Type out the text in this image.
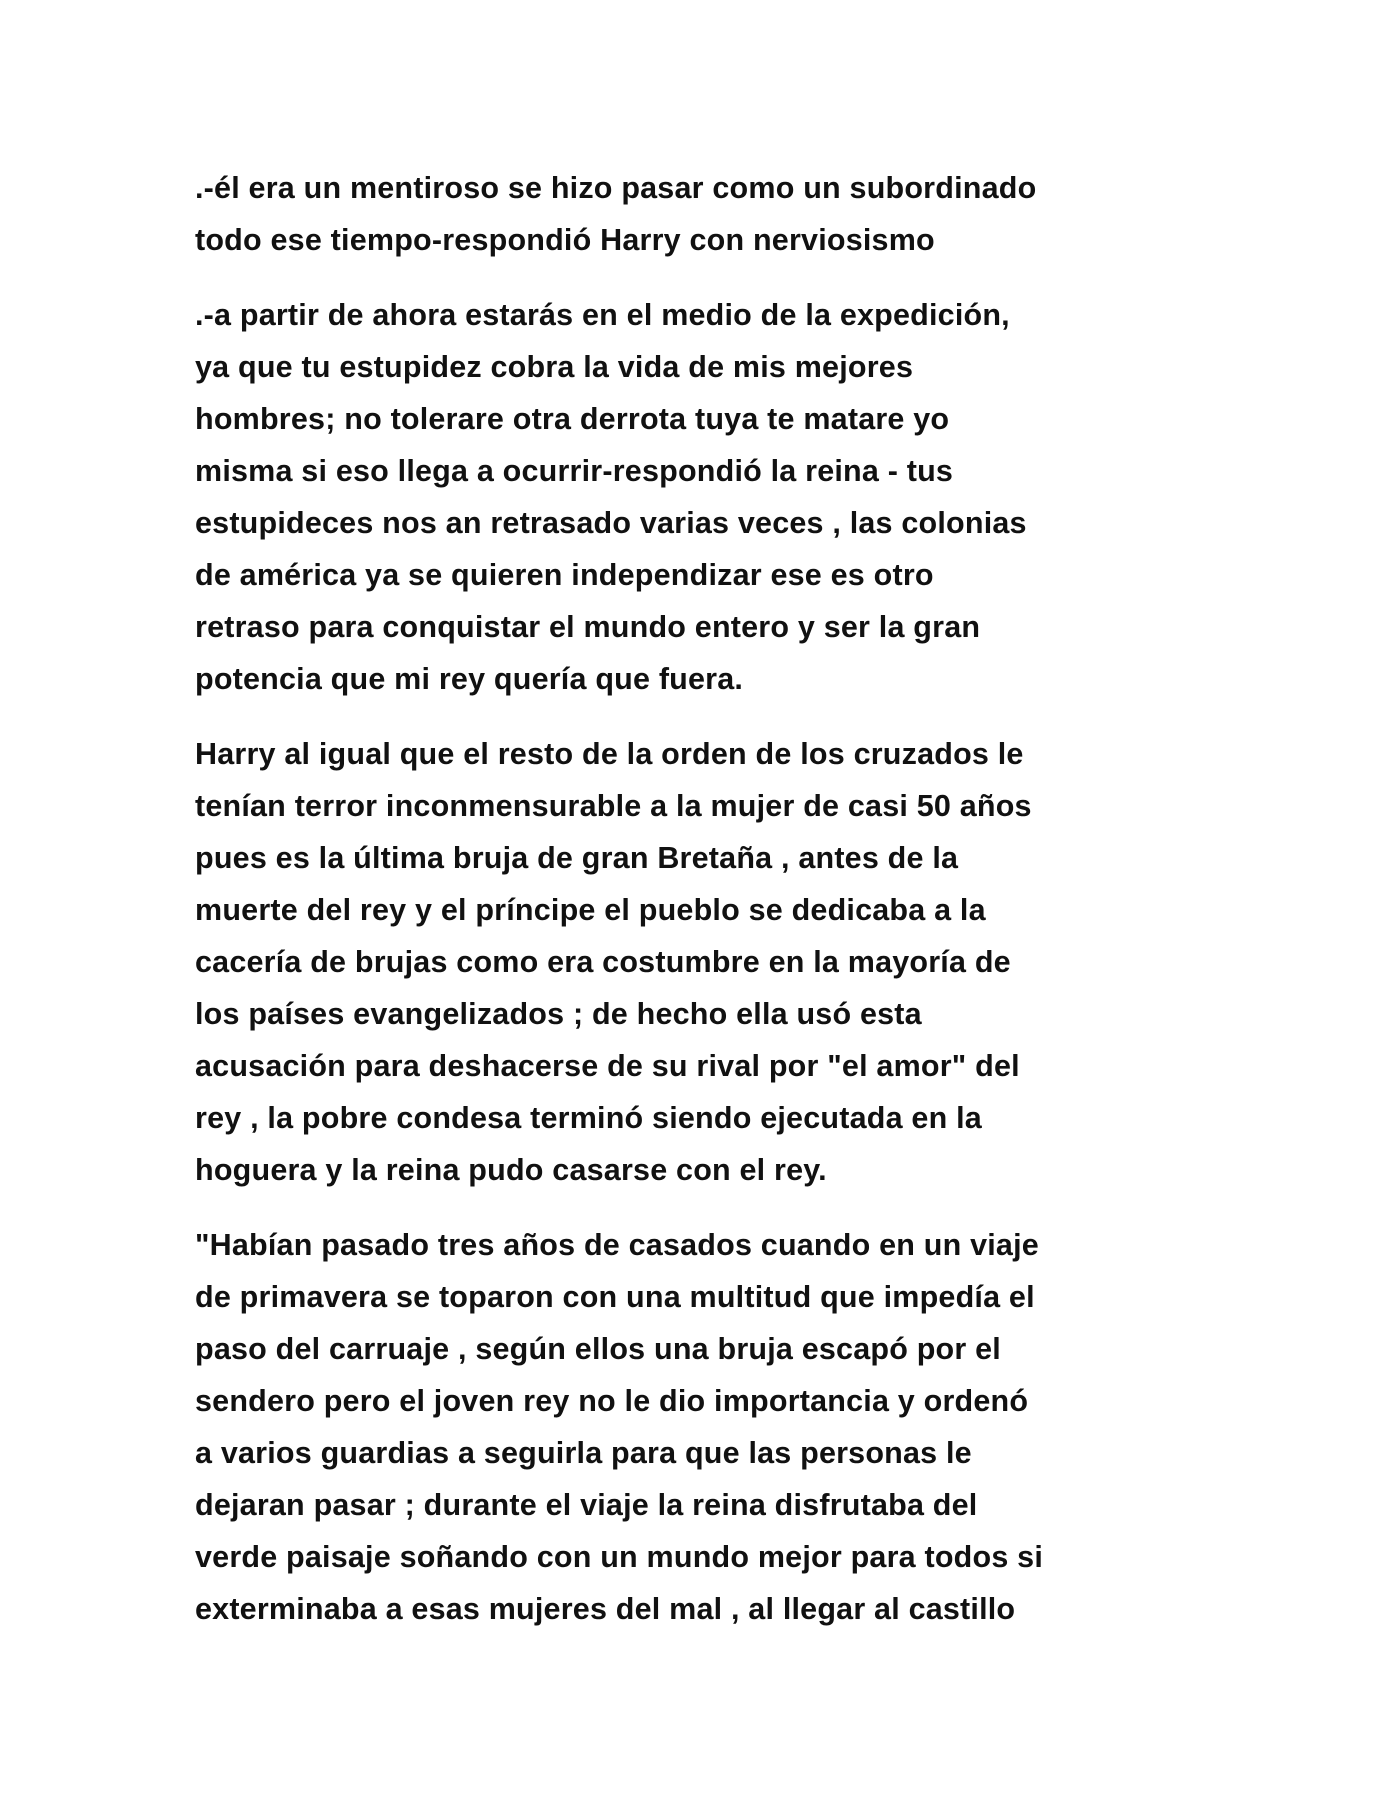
.-él era un mentiroso se hizo pasar como un subordinado
todo ese tiempo-respondió Harry con nerviosismo

.-a partir de ahora estarás en el medio de la expedición,
ya que tu estupidez cobra la vida de mis mejores
hombres; no tolerare otra derrota tuya te matare yo
misma si eso llega a ocurrir-respondió la reina - tus
estupideces nos an retrasado varias veces , las colonias
de américa ya se quieren independizar ese es otro
retraso para conquistar el mundo entero y ser la gran
potencia que mi rey quería que fuera.

Harry al igual que el resto de la orden de los cruzados le
tenían terror inconmensurable a la mujer de casi 50 años
pues es la última bruja de gran Bretaña , antes de la
muerte del rey y el príncipe el pueblo se dedicaba a la
cacería de brujas como era costumbre en la mayoría de
los países evangelizados ; de hecho ella usó esta
acusación para deshacerse de su rival por "el amor" del
rey , la pobre condesa terminó siendo ejecutada en la
hoguera y la reina pudo casarse con el rey.

"Habían pasado tres años de casados cuando en un viaje
de primavera se toparon con una multitud que impedía el
paso del carruaje , según ellos una bruja escapó por el
sendero pero el joven rey no le dio importancia y ordenó
a varios guardias a seguirla para que las personas le
dejaran pasar ; durante el viaje la reina disfrutaba del
verde paisaje soñando con un mundo mejor para todos si
exterminaba a esas mujeres del mal , al llegar al castillo
